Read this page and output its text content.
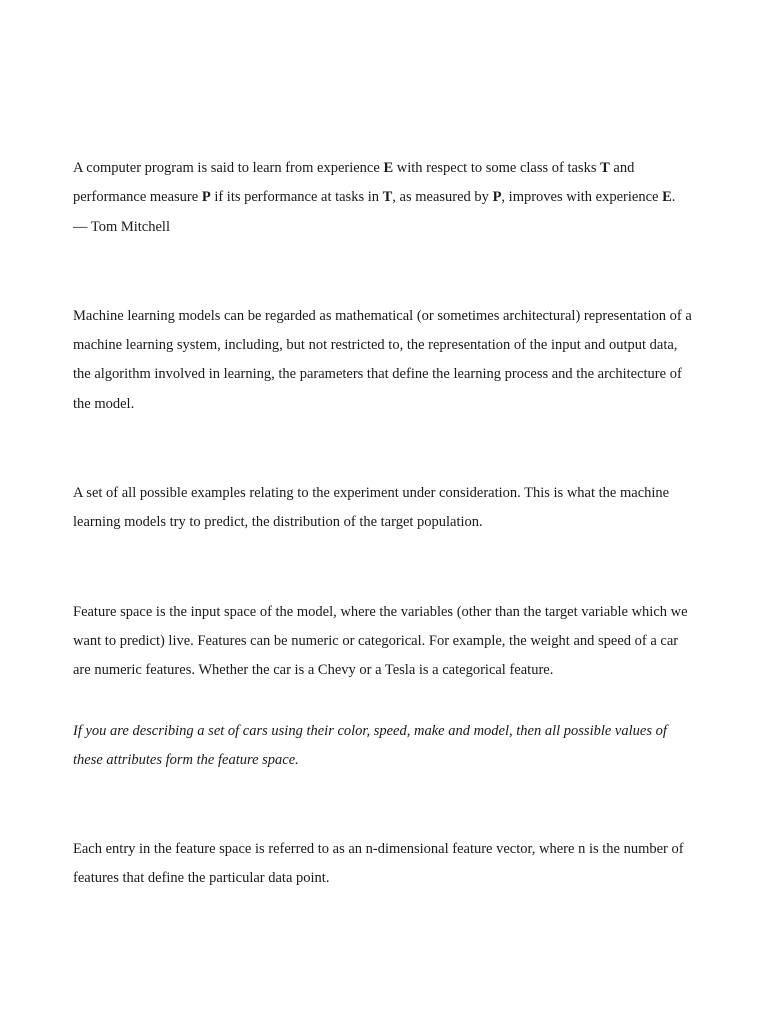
A computer program is said to learn from experience E with respect to some class of tasks T and performance measure P if its performance at tasks in T, as measured by P, improves with experience E. — Tom Mitchell

Machine learning models can be regarded as mathematical (or sometimes architectural) representation of a machine learning system, including, but not restricted to, the representation of the input and output data, the algorithm involved in learning, the parameters that define the learning process and the architecture of the model.

A set of all possible examples relating to the experiment under consideration. This is what the machine learning models try to predict, the distribution of the target population.

Feature space is the input space of the model, where the variables (other than the target variable which we want to predict) live. Features can be numeric or categorical. For example, the weight and speed of a car are numeric features. Whether the car is a Chevy or a Tesla is a categorical feature.

If you are describing a set of cars using their color, speed, make and model, then all possible values of these attributes form the feature space.

Each entry in the feature space is referred to as an n-dimensional feature vector, where n is the number of features that define the particular data point.
